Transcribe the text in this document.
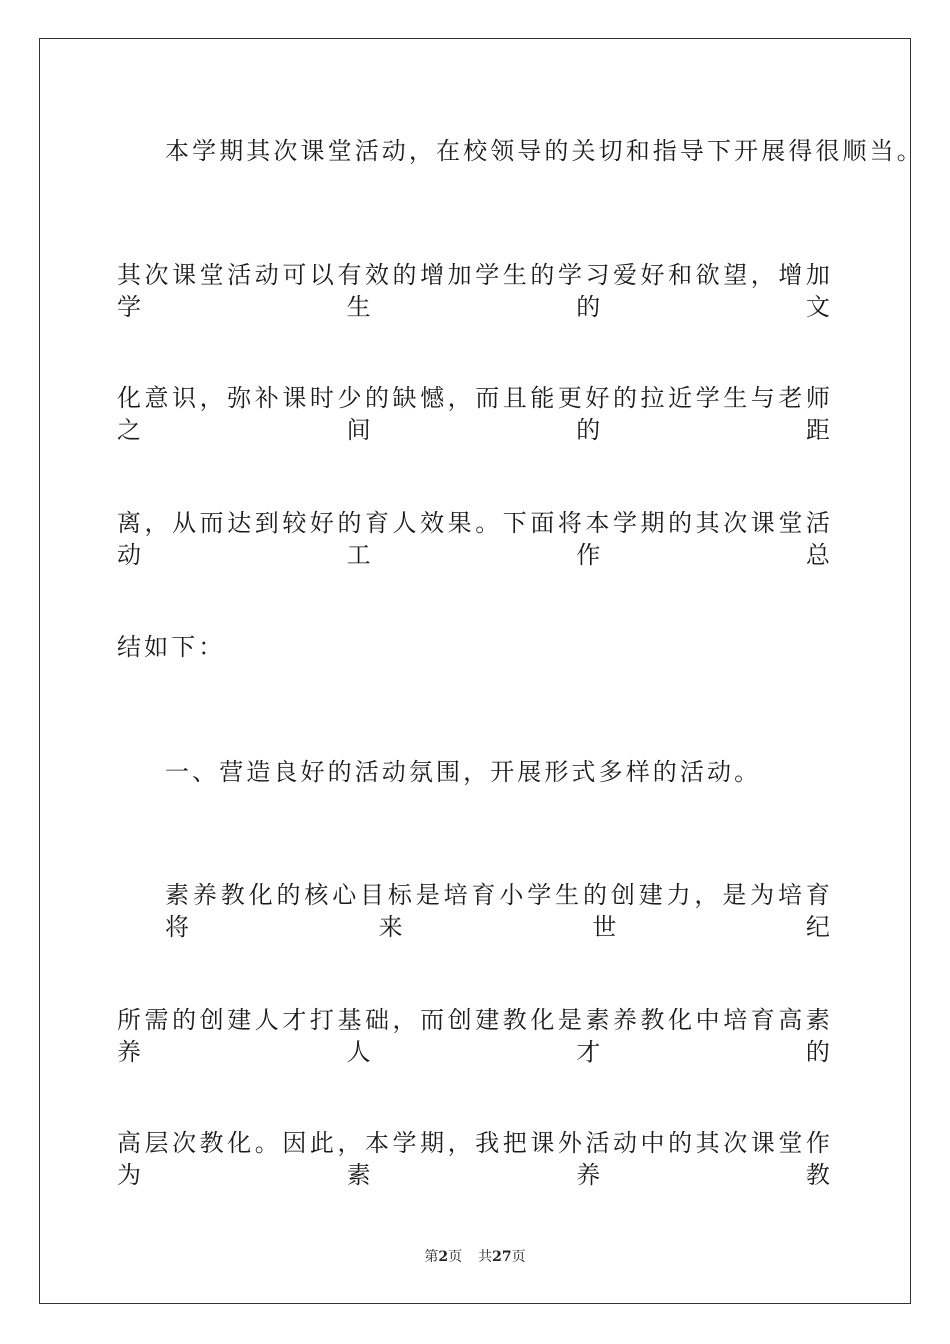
本学期其次课堂活动，在校领导的关切和指导下开展得很顺当。
其次课堂活动可以有效的增加学生的学习爱好和欲望，增加学生的文
化意识，弥补课时少的缺憾，而且能更好的拉近学生与老师之间的距
离，从而达到较好的育人效果。下面将本学期的其次课堂活动工作总
结如下：
一、营造良好的活动氛围，开展形式多样的活动。
素养教化的核心目标是培育小学生的创建力，是为培育将来世纪
所需的创建人才打基础，而创建教化是素养教化中培育高素养人才的
高层次教化。因此，本学期，我把课外活动中的其次课堂作为素养教
第2页 共27页
